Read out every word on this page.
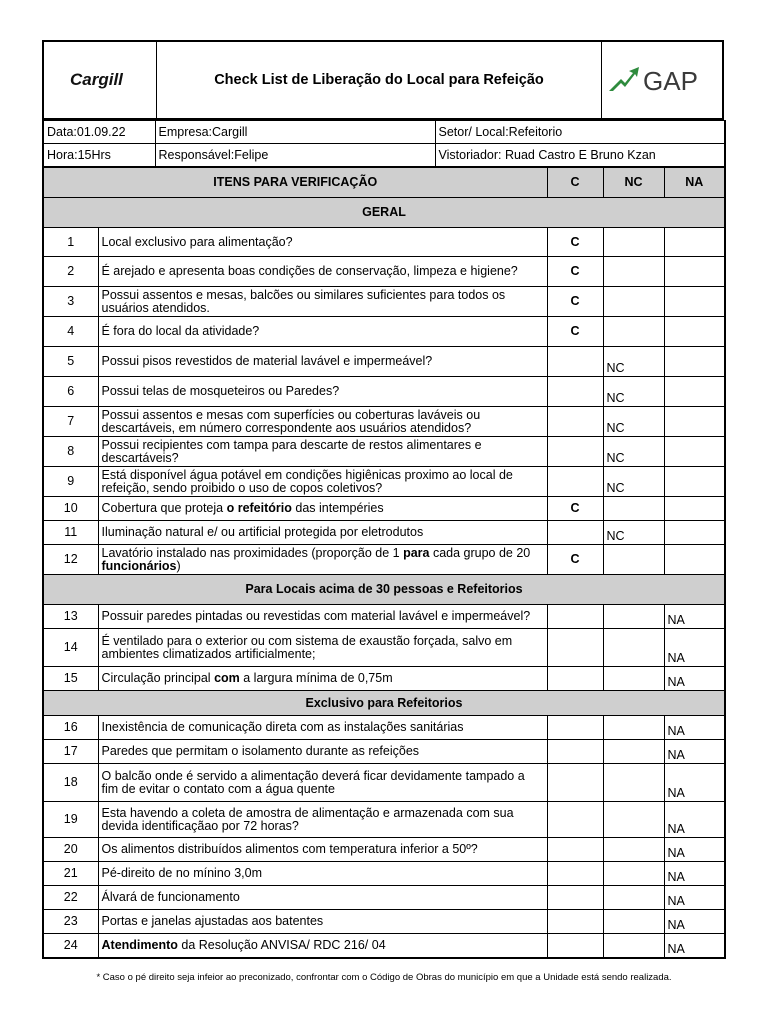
Cargill	Check List de Liberação do Local para Refeição	GAP
Data:01.09.22	Empresa:Cargill	Setor/ Local:Refeitorio
Hora:15Hrs	Responsável:Felipe	Vistoriador: Ruad Castro E Bruno Kzan
ITENS PARA VERIFICAÇÃO		C	NC	NA
GERAL				
1	Local exclusivo para alimentação?	C		
2	É arejado e apresenta boas condições de conservação, limpeza e higiene?	C		
3	Possui assentos e mesas, balcões ou similares suficientes para todos os usuários atendidos.	C		
4	É fora do local da atividade?	C		
5	Possui pisos revestidos de material lavável e impermeável?		NC	
6	Possui telas de mosqueteiros ou Paredes?		NC	
7	Possui assentos e mesas com superfícies ou coberturas laváveis ou descartáveis, em número correspondente aos usuários atendidos?		NC	
8	Possui recipientes com tampa para descarte de restos alimentares e descartáveis?		NC	
9	Está disponível água potável em condições higiênicas proximo ao local de refeição, sendo proibido o uso de copos coletivos?		NC	
10	Cobertura que proteja o refeitório das intempéries	C		
11	Iluminação natural e/ ou artificial protegida por eletrodutos		NC	
12	Lavatório instalado nas proximidades (proporção de 1 para cada grupo de 20 funcionários)	C		
Para Locais acima de 30 pessoas e Refeitorios				
13	Possuir paredes pintadas ou revestidas com material lavável e impermeável?			NA
14	É ventilado para o exterior ou com sistema de exaustão forçada, salvo em ambientes climatizados artificialmente;			NA
15	Circulação principal com a largura mínima de 0,75m			NA
Exclusivo para Refeitorios				
16	Inexistência de comunicação direta com as instalações sanitárias			NA
17	Paredes que permitam o isolamento durante as refeições			NA
18	O balcão onde é servido a alimentação deverá ficar devidamente tampado a fim de evitar o contato com a água quente			NA
19	Esta havendo a coleta de amostra de alimentação e armazenada com sua devida identificaçãao por 72 horas?			NA
20	Os alimentos distribuídos alimentos com temperatura inferior a 50º?			NA
21	Pé-direito de no mínino 3,0m			NA
22	Álvará de funcionamento			NA
23	Portas e janelas ajustadas aos batentes			NA
24	Atendimento da Resolução ANVISA/ RDC 216/ 04			NA
* Caso o pé direito seja infeior ao preconizado, confrontar com o Código de Obras do município em que a Unidade está sendo realizada.
